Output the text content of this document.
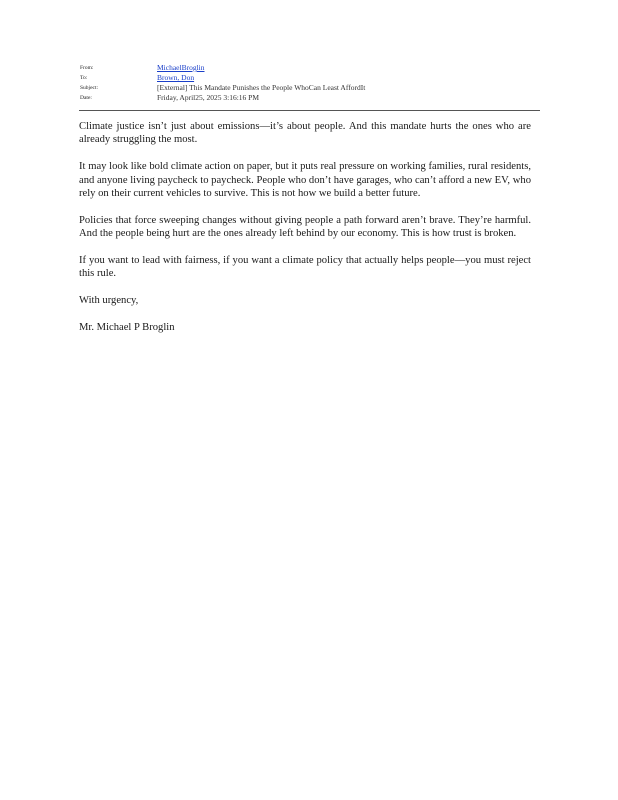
From:	MichaelBroglin
To:	Brown, Don
Subject:	[External] This Mandate Punishes the People WhoCan Least AffordIt
Date:	Friday, April25, 2025 3:16:16 PM

Climate justice isn’t just about emissions—it’s about people. And this mandate hurts the ones who are already struggling the most.

It may look like bold climate action on paper, but it puts real pressure on working families, rural residents, and anyone living paycheck to paycheck. People who don’t have garages, who can’t afford a new EV, who rely on their current vehicles to survive. This is not how we build a better future.

Policies that force sweeping changes without giving people a path forward aren’t brave. They’re harmful. And the people being hurt are the ones already left behind by our economy. This is how trust is broken.

If you want to lead with fairness, if you want a climate policy that actually helps people—you must reject this rule.

With urgency,

Mr. Michael P Broglin
